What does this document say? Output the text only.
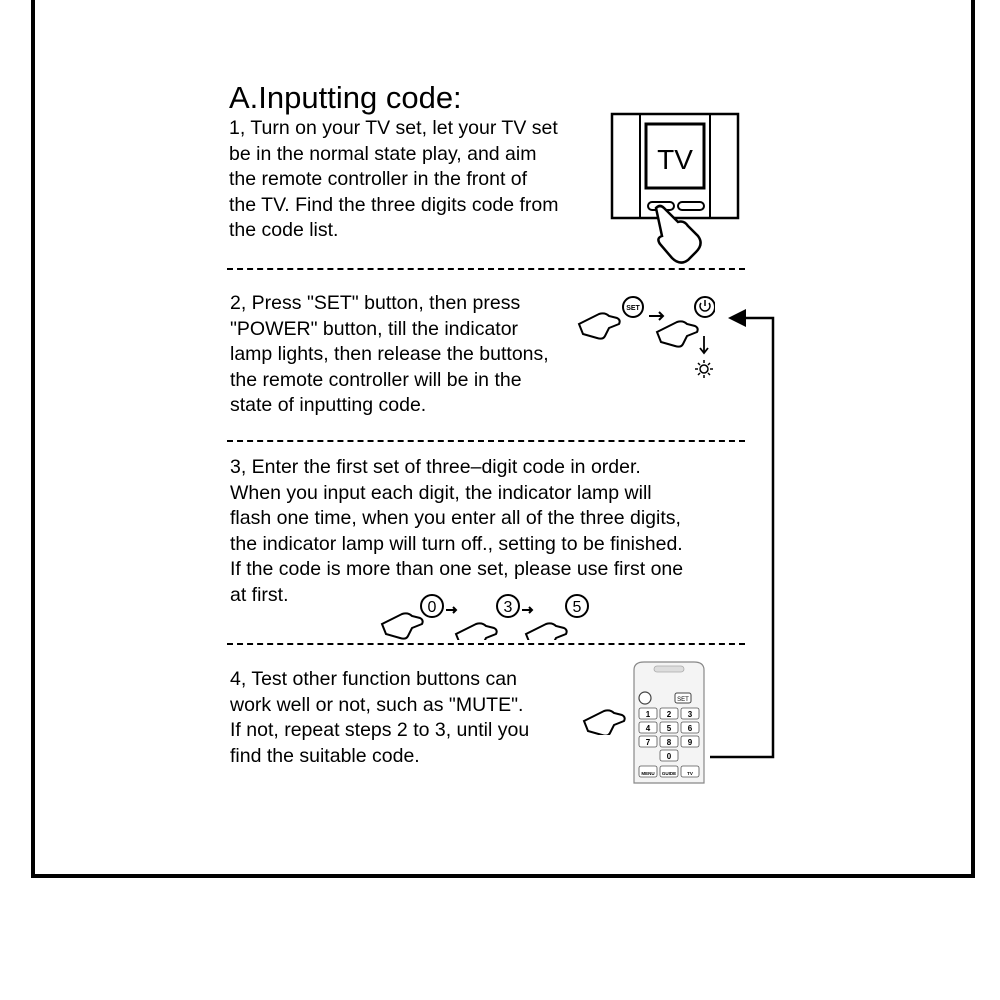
A.Inputting code:

1, Turn on your TV set, let your TV set
be in the normal state play, and aim
the remote controller in the front of
the TV. Find the three digits code from
the code list.

TV

2, Press "SET" button, then press
"POWER" button, till the indicator
lamp lights, then release the buttons,
the remote controller will be in the
state of inputting code.

SET

3, Enter the first set of three–digit code in order.
When you input each digit, the indicator lamp will
flash one time, when you enter all of the three digits,
the indicator lamp will turn off., setting to be finished.
If the code is more than one set, please use first one
at first.

0	3	5

4, Test other function buttons can
work well or not, such as "MUTE".
If not, repeat steps 2 to 3, until you
find the suitable code.

SET
1 2 3
4 5 6
7 8 9
0
MENU GUIDE TV
